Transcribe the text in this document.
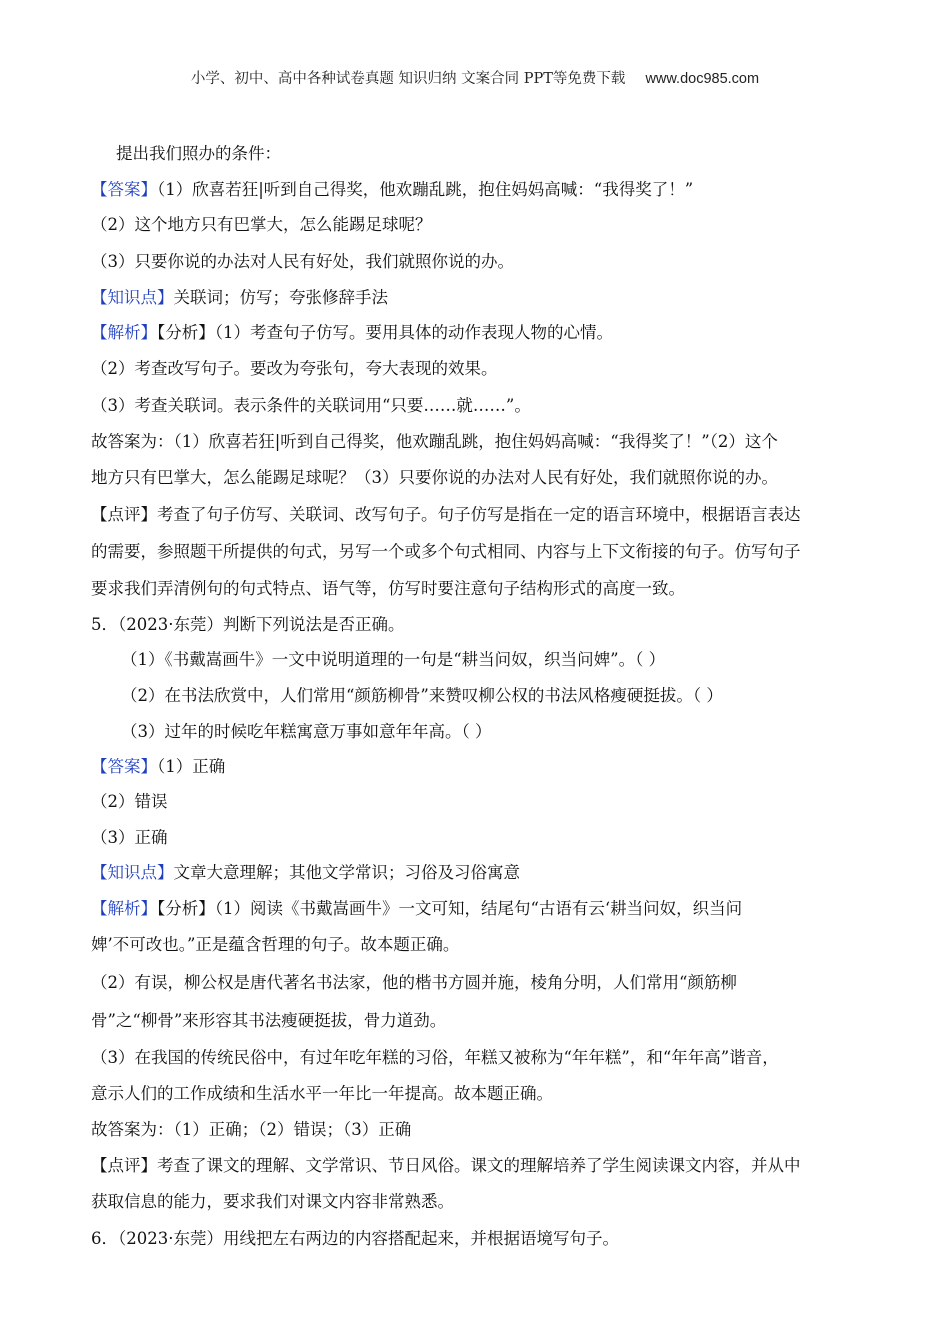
小学、初中、高中各种试卷真题 知识归纳 文案合同 PPT等免费下载 www.doc985.com
提出我们照办的条件：
【答案】（1）欣喜若狂|听到自己得奖，他欢蹦乱跳，抱住妈妈高喊：“我得奖了！”
（2）这个地方只有巴掌大，怎么能踢足球呢？
（3）只要你说的办法对人民有好处，我们就照你说的办。
【知识点】关联词；仿写；夸张修辞手法
【解析】【分析】（1）考查句子仿写。要用具体的动作表现人物的心情。
（2）考查改写句子。要改为夸张句，夸大表现的效果。
（3）考查关联词。表示条件的关联词用“只要……就……”。
故答案为：（1）欣喜若狂|听到自己得奖，他欢蹦乱跳，抱住妈妈高喊：“我得奖了！”（2）这个
地方只有巴掌大，怎么能踢足球呢？（3）只要你说的办法对人民有好处，我们就照你说的办。
【点评】考查了句子仿写、关联词、改写句子。句子仿写是指在一定的语言环境中，根据语言表达
的需要，参照题干所提供的句式，另写一个或多个句式相同、内容与上下文衔接的句子。仿写句子
要求我们弄清例句的句式特点、语气等，仿写时要注意句子结构形式的高度一致。
5．（2023·东莞）判断下列说法是否正确。
（1）《书戴嵩画牛》一文中说明道理的一句是“耕当问奴，织当问婢”。（ ）
（2）在书法欣赏中，人们常用“颜筋柳骨”来赞叹柳公权的书法风格瘦硬挺拔。（ ）
（3）过年的时候吃年糕寓意万事如意年年高。（ ）
【答案】（1）正确
（2）错误
（3）正确
【知识点】文章大意理解；其他文学常识；习俗及习俗寓意
【解析】【分析】（1）阅读《书戴嵩画牛》一文可知，结尾句“古语有云‘耕当问奴，织当问
婢’不可改也。”正是蕴含哲理的句子。故本题正确。
（2）有误，柳公权是唐代著名书法家，他的楷书方圆并施，棱角分明，人们常用“颜筋柳
骨”之“柳骨”来形容其书法瘦硬挺拔，骨力道劲。
（3）在我国的传统民俗中，有过年吃年糕的习俗，年糕又被称为“年年糕”，和“年年高”谐音，
意示人们的工作成绩和生活水平一年比一年提高。故本题正确。
故答案为：（1）正确；（2）错误；（3）正确
【点评】考查了课文的理解、文学常识、节日风俗。课文的理解培养了学生阅读课文内容，并从中
获取信息的能力，要求我们对课文内容非常熟悉。
6．（2023·东莞）用线把左右两边的内容搭配起来，并根据语境写句子。
